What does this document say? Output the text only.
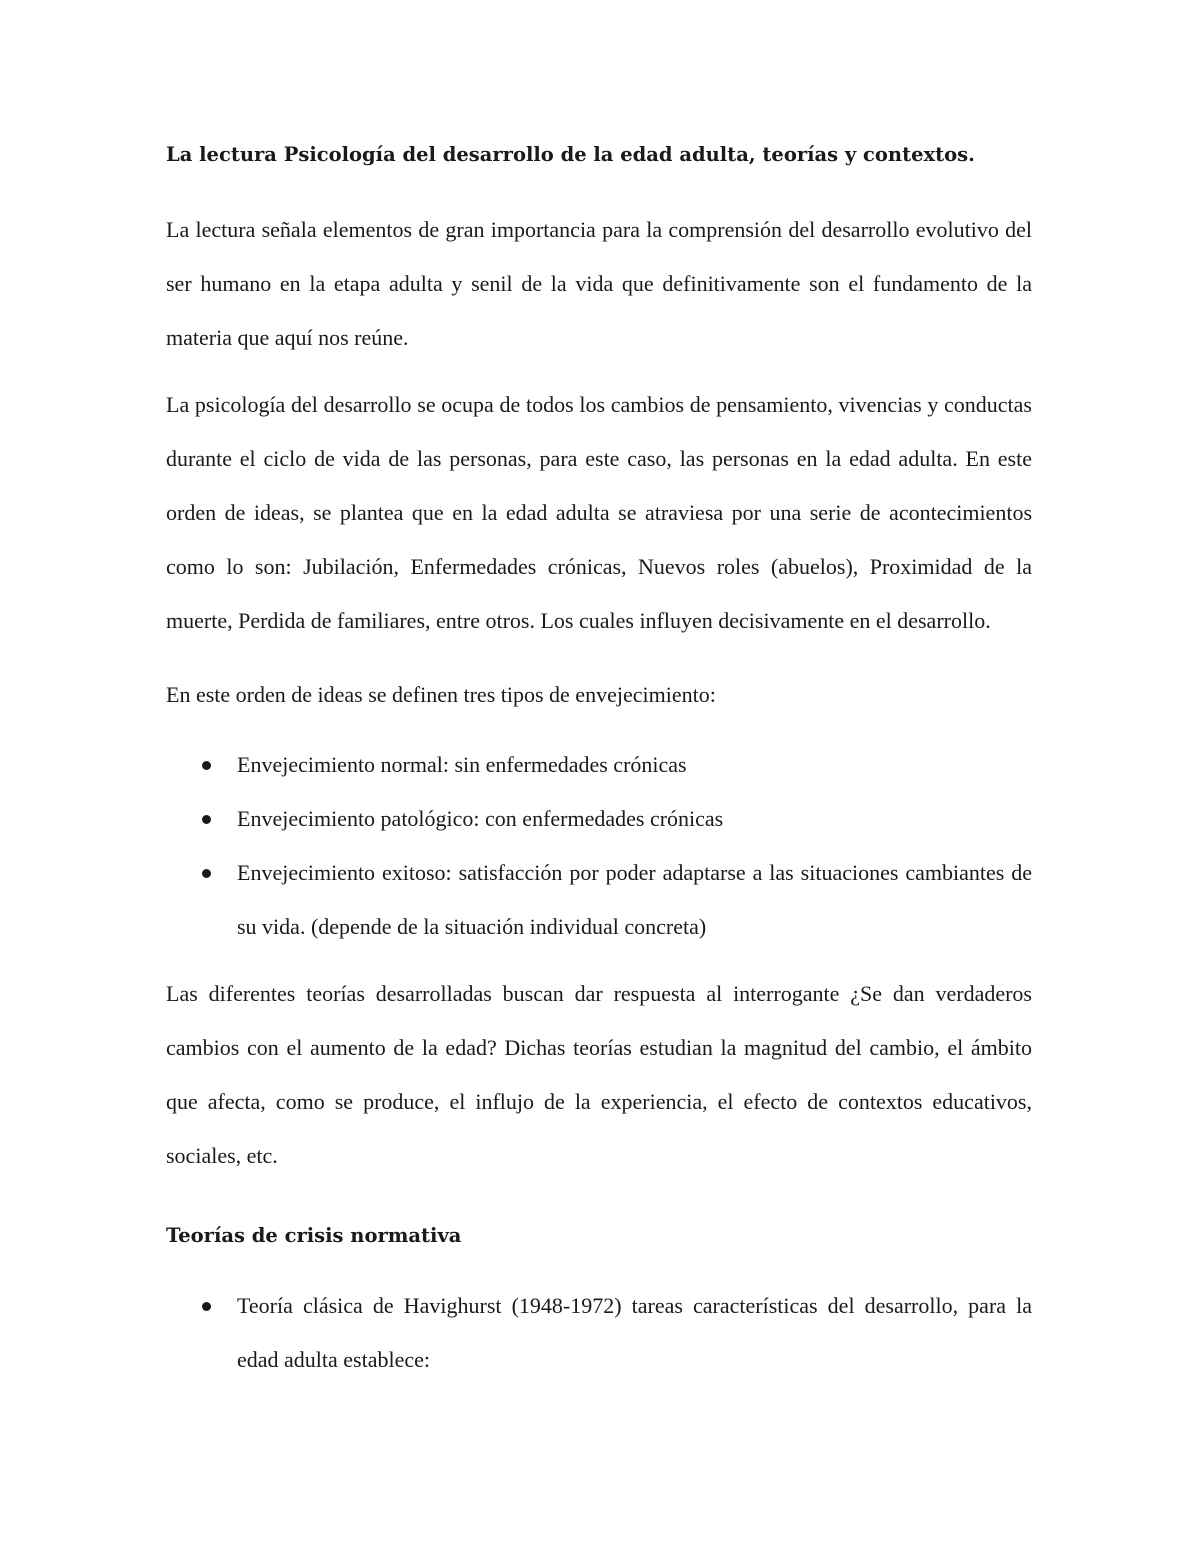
La lectura Psicología del desarrollo de la edad adulta, teorías y contextos.

La lectura señala elementos de gran importancia para la comprensión del desarrollo evolutivo del ser humano en la etapa adulta y senil de la vida que definitivamente son el fundamento de la materia que aquí nos reúne.

La psicología del desarrollo se ocupa de todos los cambios de pensamiento, vivencias y conductas durante el ciclo de vida de las personas, para este caso, las personas en la edad adulta. En este orden de ideas, se plantea que en la edad adulta se atraviesa por una serie de acontecimientos como lo son: Jubilación, Enfermedades crónicas, Nuevos roles (abuelos), Proximidad de la muerte, Perdida de familiares, entre otros. Los cuales influyen decisivamente en el desarrollo.

En este orden de ideas se definen tres tipos de envejecimiento:

Envejecimiento normal: sin enfermedades crónicas
Envejecimiento patológico: con enfermedades crónicas
Envejecimiento exitoso: satisfacción por poder adaptarse a las situaciones cambiantes de su vida. (depende de la situación individual concreta)

Las diferentes teorías desarrolladas buscan dar respuesta al interrogante ¿Se dan verdaderos cambios con el aumento de la edad? Dichas teorías estudian la magnitud del cambio, el ámbito que afecta, como se produce, el influjo de la experiencia, el efecto de contextos educativos, sociales, etc.

Teorías de crisis normativa

Teoría clásica de Havighurst (1948-1972) tareas características del desarrollo, para la edad adulta establece:
